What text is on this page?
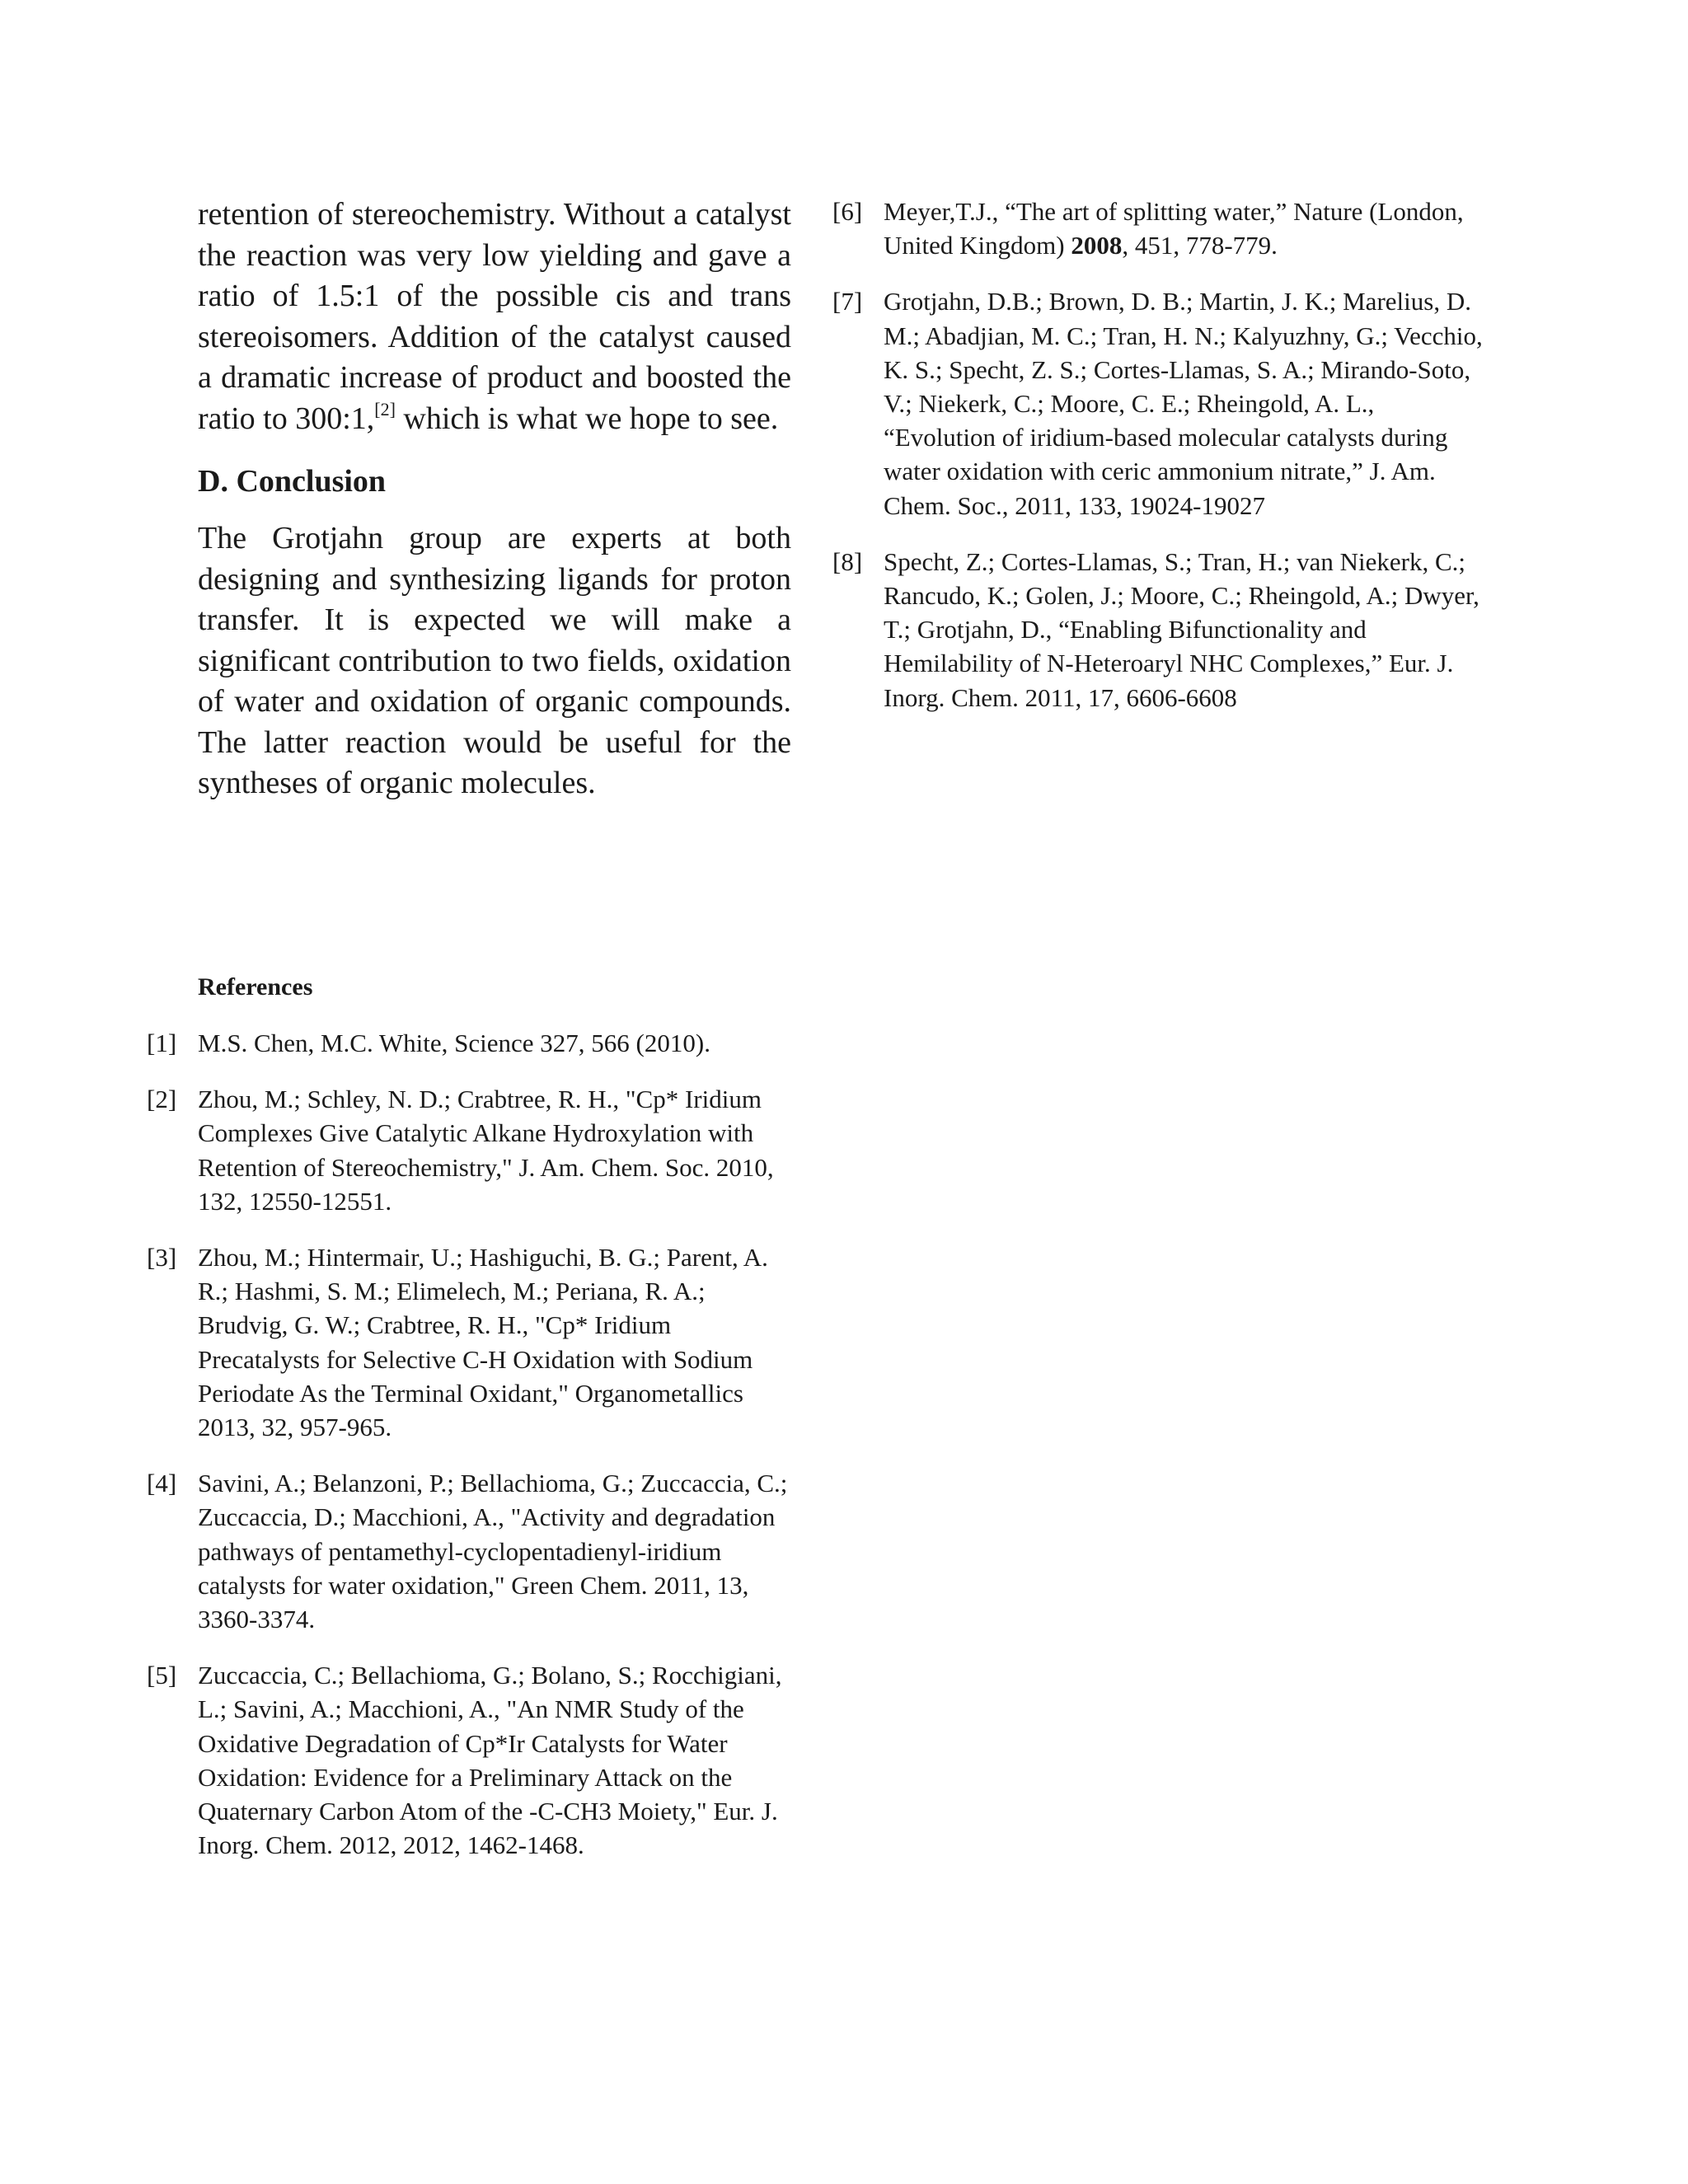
retention of stereochemistry. Without a catalyst the reaction was very low yielding and gave a ratio of 1.5:1 of the possible cis and trans stereoisomers. Addition of the catalyst caused a dramatic increase of product and boosted the ratio to 300:1,[2] which is what we hope to see.

D. Conclusion

The Grotjahn group are experts at both designing and synthesizing ligands for proton transfer. It is expected we will make a significant contribution to two fields, oxidation of water and oxidation of organic compounds. The latter reaction would be useful for the syntheses of organic molecules.

References
[1] M.S. Chen, M.C. White, Science 327, 566 (2010).
[2] Zhou, M.; Schley, N. D.; Crabtree, R. H., "Cp* Iridium Complexes Give Catalytic Alkane Hydroxylation with Retention of Stereochemistry," J. Am. Chem. Soc. 2010, 132, 12550-12551.
[3] Zhou, M.; Hintermair, U.; Hashiguchi, B. G.; Parent, A. R.; Hashmi, S. M.; Elimelech, M.; Periana, R. A.; Brudvig, G. W.; Crabtree, R. H., "Cp* Iridium Precatalysts for Selective C-H Oxidation with Sodium Periodate As the Terminal Oxidant," Organometallics 2013, 32, 957-965.
[4] Savini, A.; Belanzoni, P.; Bellachioma, G.; Zuccaccia, C.; Zuccaccia, D.; Macchioni, A., "Activity and degradation pathways of pentamethyl-cyclopentadienyl-iridium catalysts for water oxidation," Green Chem. 2011, 13, 3360-3374.
[5] Zuccaccia, C.; Bellachioma, G.; Bolano, S.; Rocchigiani, L.; Savini, A.; Macchioni, A., "An NMR Study of the Oxidative Degradation of Cp*Ir Catalysts for Water Oxidation: Evidence for a Preliminary Attack on the Quaternary Carbon Atom of the -C-CH3 Moiety," Eur. J. Inorg. Chem. 2012, 2012, 1462-1468.
[6] Meyer,T.J., “The art of splitting water,” Nature (London, United Kingdom) 2008, 451, 778-779.
[7] Grotjahn, D.B.; Brown, D. B.; Martin, J. K.; Marelius, D. M.; Abadjian, M. C.; Tran, H. N.; Kalyuzhny, G.; Vecchio, K. S.; Specht, Z. S.; Cortes-Llamas, S. A.; Mirando-Soto, V.; Niekerk, C.; Moore, C. E.; Rheingold, A. L., “Evolution of iridium-based molecular catalysts during water oxidation with ceric ammonium nitrate,” J. Am. Chem. Soc., 2011, 133, 19024-19027
[8] Specht, Z.; Cortes-Llamas, S.; Tran, H.; van Niekerk, C.; Rancudo, K.; Golen, J.; Moore, C.; Rheingold, A.; Dwyer, T.; Grotjahn, D., “Enabling Bifunctionality and Hemilability of N-Heteroaryl NHC Complexes,” Eur. J. Inorg. Chem. 2011, 17, 6606-6608
